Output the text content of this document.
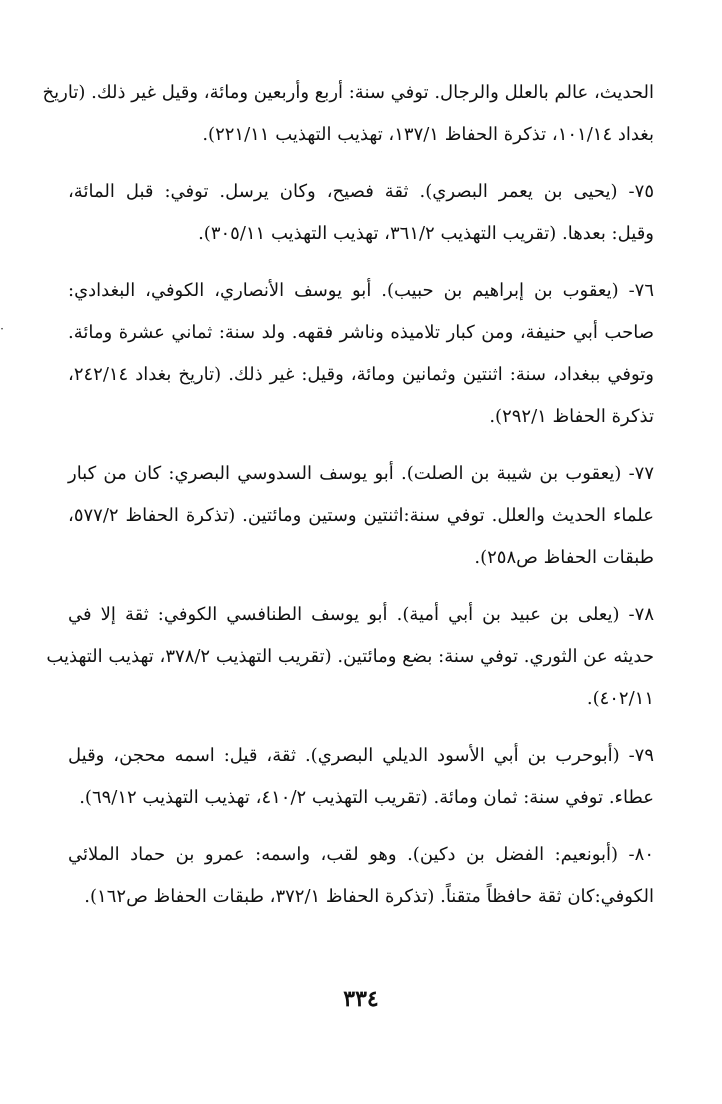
الحديث، عالم بالعلل والرجال. توفي سنة: أربع وأربعين ومائة، وقيل غير ذلك. (تاريخ
بغداد ١٠١/١٤، تذكرة الحفاظ ١٣٧/١، تهذيب التهذيب ٢٢١/١١).
٧٥- (يحيى بن يعمر البصري). ثقة فصيح، وكان يرسل. توفي: قبل المائة،
وقيل: بعدها. (تقريب التهذيب ٣٦١/٢، تهذيب التهذيب ٣٠٥/١١).
٧٦- (يعقوب بن إبراهيم بن حبيب). أبو يوسف الأنصاري، الكوفي، البغدادي:
صاحب أبي حنيفة، ومن كبار تلاميذه وناشر فقهه. ولد سنة: ثماني عشرة ومائة.
وتوفي ببغداد، سنة: اثنتين وثمانين ومائة، وقيل: غير ذلك. (تاريخ بغداد ٢٤٢/١٤،
تذكرة الحفاظ ٢٩٢/١).
٧٧- (يعقوب بن شيبة بن الصلت). أبو يوسف السدوسي البصري: كان من كبار
علماء الحديث والعلل. توفي سنة:اثنتين وستين ومائتين. (تذكرة الحفاظ ٥٧٧/٢،
طبقات الحفاظ ص٢٥٨).
٧٨- (يعلى بن عبيد بن أبي أمية). أبو يوسف الطنافسي الكوفي: ثقة إلا في
حديثه عن الثوري. توفي سنة: بضع ومائتين. (تقريب التهذيب ٣٧٨/٢، تهذيب التهذيب
٤٠٢/١١).
٧٩- (أبوحرب بن أبي الأسود الديلي البصري). ثقة، قيل: اسمه محجن، وقيل
عطاء. توفي سنة: ثمان ومائة. (تقريب التهذيب ٤١٠/٢، تهذيب التهذيب ٦٩/١٢).
٨٠- (أبونعيم: الفضل بن دكين). وهو لقب، واسمه: عمرو بن حماد الملائي
الكوفي:كان ثقة حافظاً متقناً. (تذكرة الحفاظ ٣٧٢/١، طبقات الحفاظ ص١٦٢).
·
٣٣٤
